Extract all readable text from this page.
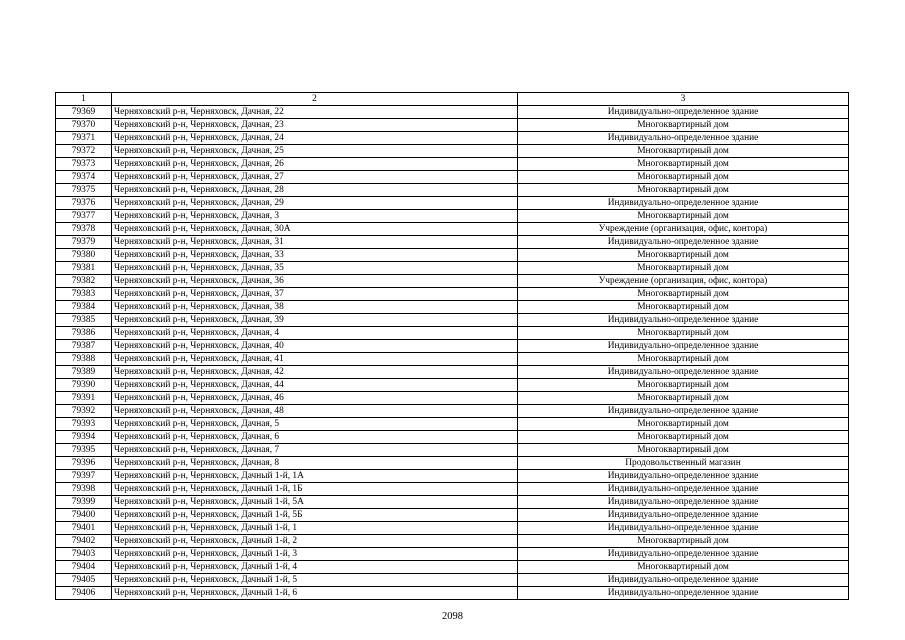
1	2	3
79369	Черняховский р-н, Черняховск, Дачная, 22	Индивидуально-определенное здание
79370	Черняховский р-н, Черняховск, Дачная, 23	Многоквартирный дом
79371	Черняховский р-н, Черняховск, Дачная, 24	Индивидуально-определенное здание
79372	Черняховский р-н, Черняховск, Дачная, 25	Многоквартирный дом
79373	Черняховский р-н, Черняховск, Дачная, 26	Многоквартирный дом
79374	Черняховский р-н, Черняховск, Дачная, 27	Многоквартирный дом
79375	Черняховский р-н, Черняховск, Дачная, 28	Многоквартирный дом
79376	Черняховский р-н, Черняховск, Дачная, 29	Индивидуально-определенное здание
79377	Черняховский р-н, Черняховск, Дачная, 3	Многоквартирный дом
79378	Черняховский р-н, Черняховск, Дачная, 30А	Учреждение (организация, офис, контора)
79379	Черняховский р-н, Черняховск, Дачная, 31	Индивидуально-определенное здание
79380	Черняховский р-н, Черняховск, Дачная, 33	Многоквартирный дом
79381	Черняховский р-н, Черняховск, Дачная, 35	Многоквартирный дом
79382	Черняховский р-н, Черняховск, Дачная, 36	Учреждение (организация, офис, контора)
79383	Черняховский р-н, Черняховск, Дачная, 37	Многоквартирный дом
79384	Черняховский р-н, Черняховск, Дачная, 38	Многоквартирный дом
79385	Черняховский р-н, Черняховск, Дачная, 39	Индивидуально-определенное здание
79386	Черняховский р-н, Черняховск, Дачная, 4	Многоквартирный дом
79387	Черняховский р-н, Черняховск, Дачная, 40	Индивидуально-определенное здание
79388	Черняховский р-н, Черняховск, Дачная, 41	Многоквартирный дом
79389	Черняховский р-н, Черняховск, Дачная, 42	Индивидуально-определенное здание
79390	Черняховский р-н, Черняховск, Дачная, 44	Многоквартирный дом
79391	Черняховский р-н, Черняховск, Дачная, 46	Многоквартирный дом
79392	Черняховский р-н, Черняховск, Дачная, 48	Индивидуально-определенное здание
79393	Черняховский р-н, Черняховск, Дачная, 5	Многоквартирный дом
79394	Черняховский р-н, Черняховск, Дачная, 6	Многоквартирный дом
79395	Черняховский р-н, Черняховск, Дачная, 7	Многоквартирный дом
79396	Черняховский р-н, Черняховск, Дачная, 8	Продовольственный магазин
79397	Черняховский р-н, Черняховск, Дачный 1-й, 1А	Индивидуально-определенное здание
79398	Черняховский р-н, Черняховск, Дачный 1-й, 1Б	Индивидуально-определенное здание
79399	Черняховский р-н, Черняховск, Дачный 1-й, 5А	Индивидуально-определенное здание
79400	Черняховский р-н, Черняховск, Дачный 1-й, 5Б	Индивидуально-определенное здание
79401	Черняховский р-н, Черняховск, Дачный 1-й, 1	Индивидуально-определенное здание
79402	Черняховский р-н, Черняховск, Дачный 1-й, 2	Многоквартирный дом
79403	Черняховский р-н, Черняховск, Дачный 1-й, 3	Индивидуально-определенное здание
79404	Черняховский р-н, Черняховск, Дачный 1-й, 4	Многоквартирный дом
79405	Черняховский р-н, Черняховск, Дачный 1-й, 5	Индивидуально-определенное здание
79406	Черняховский р-н, Черняховск, Дачный 1-й, 6	Индивидуально-определенное здание
2098
